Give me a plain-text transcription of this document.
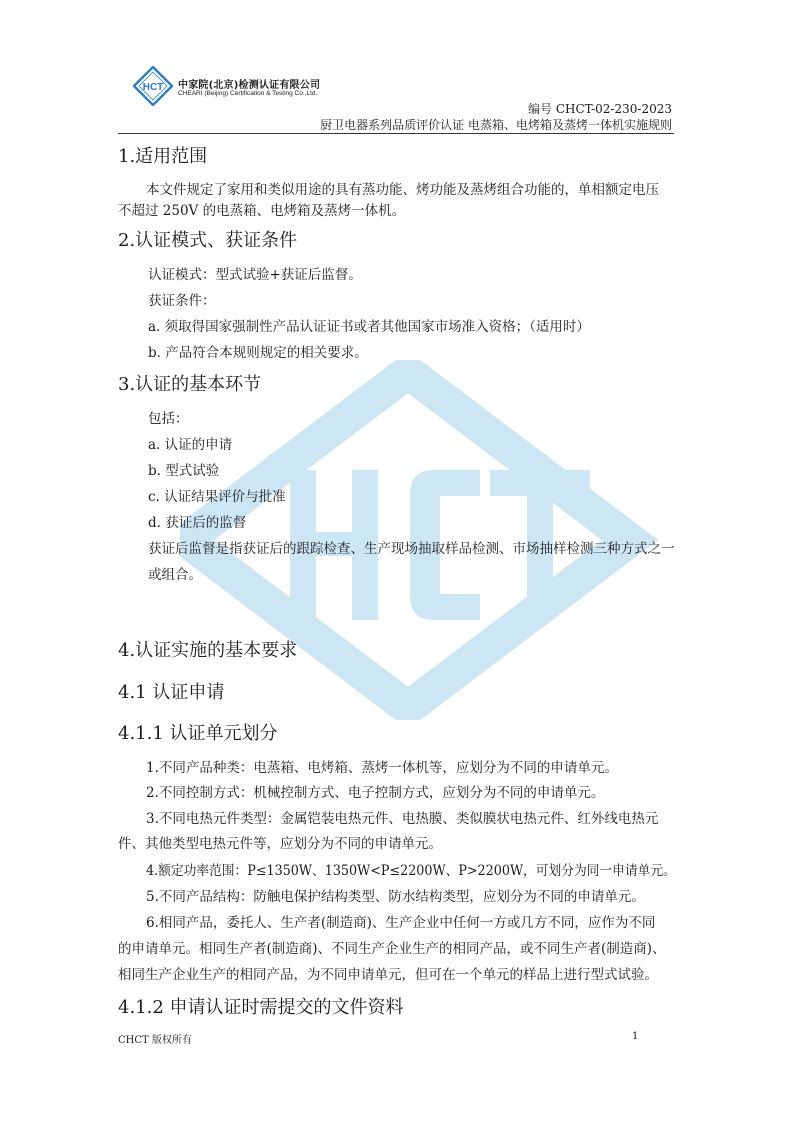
HCT 中家院(北京)检测认证有限公司
CHEARI (Beijing) Certification & Testing Co.,Ltd.
编号 CHCT-02-230-2023
厨卫电器系列品质评价认证 电蒸箱、电烤箱及蒸烤一体机实施规则
1.适用范围
本文件规定了家用和类似用途的具有蒸功能、烤功能及蒸烤组合功能的，单相额定电压
不超过 250V 的电蒸箱、电烤箱及蒸烤一体机。
2.认证模式、获证条件
认证模式：型式试验+获证后监督。
获证条件：
a. 须取得国家强制性产品认证证书或者其他国家市场准入资格；（适用时）
b. 产品符合本规则规定的相关要求。
3.认证的基本环节
包括：
a. 认证的申请
b. 型式试验
c. 认证结果评价与批准
d. 获证后的监督
获证后监督是指获证后的跟踪检查、生产现场抽取样品检测、市场抽样检测三种方式之一
或组合。
4.认证实施的基本要求
4.1 认证申请
4.1.1 认证单元划分
1.不同产品种类：电蒸箱、电烤箱、蒸烤一体机等，应划分为不同的申请单元。
2.不同控制方式：机械控制方式、电子控制方式，应划分为不同的申请单元。
3.不同电热元件类型：金属铠装电热元件、电热膜、类似膜状电热元件、红外线电热元
件、其他类型电热元件等，应划分为不同的申请单元。
4.额定功率范围：P≤1350W、1350W<P≤2200W、P>2200W，可划分为同一申请单元。
5.不同产品结构：防触电保护结构类型、防水结构类型，应划分为不同的申请单元。
6.相同产品，委托人、生产者(制造商)、生产企业中任何一方或几方不同，应作为不同
的申请单元。相同生产者(制造商)、不同生产企业生产的相同产品，或不同生产者(制造商)、
相同生产企业生产的相同产品，为不同申请单元，但可在一个单元的样品上进行型式试验。
4.1.2 申请认证时需提交的文件资料
CHCT 版权所有	1
